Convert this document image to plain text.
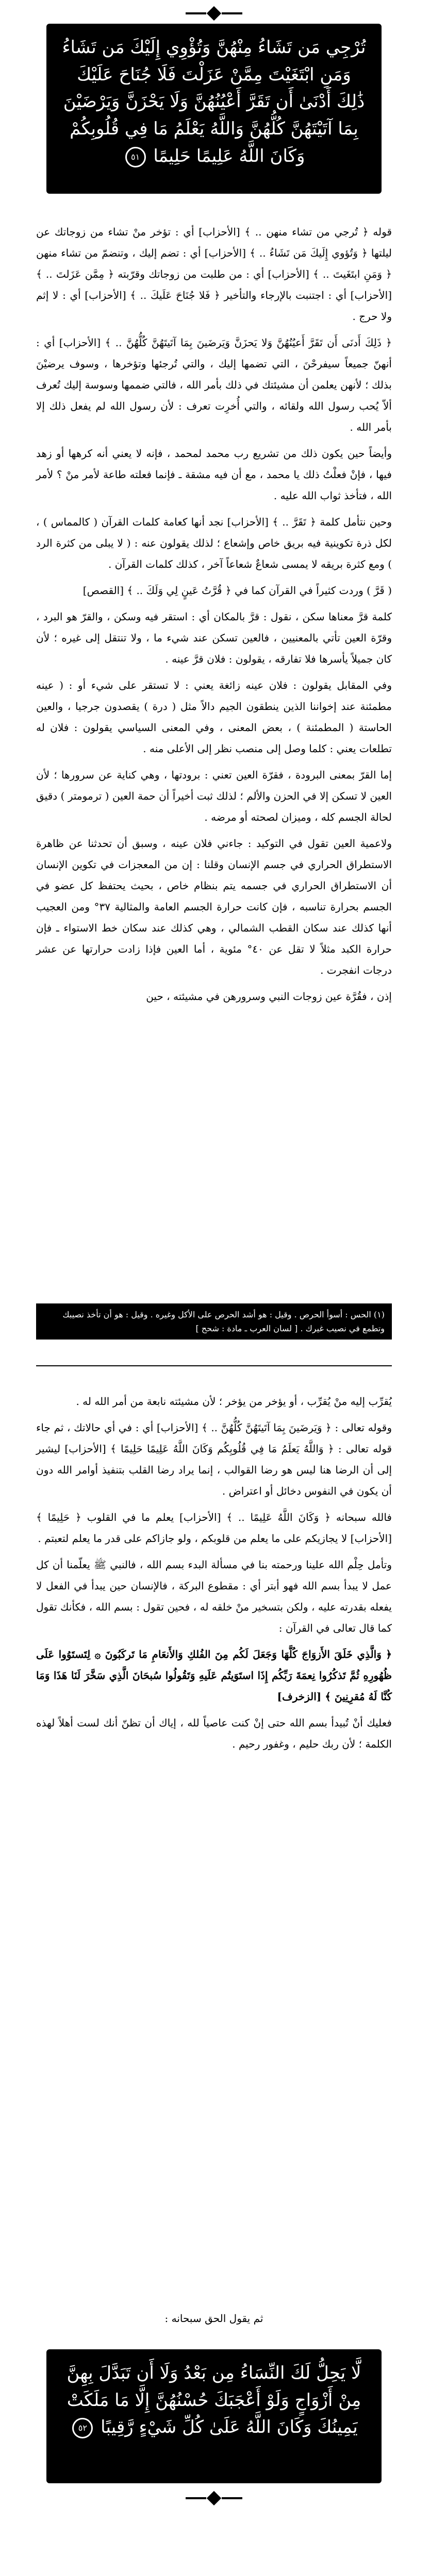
تُرْجِي مَن تَشَاءُ مِنْهُنَّ وَتُؤْوِي إِلَيْكَ مَن تَشَاءُ وَمَنِ ابْتَغَيْتَ مِمَّنْ عَزَلْتَ فَلَا جُنَاحَ عَلَيْكَ ذَٰلِكَ أَدْنَىٰ أَن تَقَرَّ أَعْيُنُهُنَّ وَلَا يَحْزَنَّ وَيَرْضَيْنَ بِمَا آتَيْتَهُنَّ كُلُّهُنَّ وَاللَّهُ يَعْلَمُ مَا فِي قُلُوبِكُمْ وَكَانَ اللَّهُ عَلِيمًا حَلِيمًا ٥١

قوله ﴿ تُرجي من تشاء منهن .. ﴾ [الأحزاب] أي : تؤخر منْ تشاء من زوجاتك عن ليلتها ﴿ وَتُؤوي إِلَيكَ مَن تَشَاءُ .. ﴾ [الأحزاب] أي : تضم إليك ، وتنضمّ من تشاء منهن ﴿ وَمَنِ ابتَغَيتَ .. ﴾ [الأحزاب] أي : من طلبت من زوجاتك وقرّبته ﴿ مِمَّن عَزَلتَ .. ﴾ [الأحزاب] أي : اجتنبت بالإرجاء والتأخير ﴿ فَلا جُنَاحَ عَلَيكَ .. ﴾ [الأحزاب] أي : لا إثم ولا حرج .

﴿ ذَلِكَ أَدنَى أَن تَقَرَّ أَعيُنُهُنَّ وَلا يَحزَنَّ وَيَرضَينَ بِمَا آتَيتَهُنَّ كُلُّهُنَّ .. ﴾ [الأحزاب] أي : أنهنّ جميعاً سيفرحْنَ ، التي تضمها إليك ، والتي تُرجئها وتؤخرها ، وسوف يرضيْنَ بذلك ؛ لأنهن يعلمن أن مشيئتك في ذلك بأمر الله ، فالتي ضممها وسوسة إليك تُعرف ألاّ يُحب رسول الله ولقائه ، والتي أُخرِت تعرف : لأن رسول الله لم يفعل ذلك إلا بأمر الله .

وأيضاً حين يكون ذلك من تشريع رب محمد لمحمد ، فإنه لا يعني أنه كرهها أو زهد فيها ، فإنْ فعلْتُ ذلك يا محمد ، مع أن فيه مشقة ـ فإنما فعلته طاعة لأمر منْ ؟ لأمر الله ، فتأخذ ثواب الله عليه .

وحين نتأمل كلمة ﴿ تَقَرَّ .. ﴾ [الأحزاب] نجد أنها كعامة كلمات القرآن ( كالمماس ) ، لكل ذرة تكوينية فيه بريق خاص وإشعاع ؛ لذلك يقولون عنه : ( لا يبلى من كثرة الرد ) ومع كثرة بريقه لا يمسى شعاعٌ شعاعاً آخر ، كذلك كلمات القرآن .

( قَرَّ ) وردت كثيراً في القرآن كما في ﴿ قُرَّتُ عَينٍ لِي وَلَكَ .. ﴾ [القصص]

كلمة قرَّ معناها سكن ، نقول : قرَّ بالمكان أي : استقر فيه وسكن ، والقرّ هو البرد ، وقرّة العين تأتي بالمعنيين ، فالعين تسكن عند شيء ما ، ولا تنتقل إلى غيره ؛ لأن كان جميلاً يأسرها فلا تفارقه ، يقولون : فلان قرَّ عينه .

وفي المقابل يقولون : فلان عينه زائغة يعني : لا تستقر على شيء أو : ( عينه مطمئنة عند إخواننا الذين ينطقون الجيم دالاً مثل ( درة ) يقصدون جرجيا ، والعين الحاستة ( المطمئنة ) ، بعض المعنى ، وفي المعنى السياسي يقولون : فلان له تطلعات يعني : كلما وصل إلى منصب نظر إلى الأعلى منه .

إما القرّ بمعنى البرودة ، فقرّة العين تعني : برودتها ، وهي كناية عن سرورها ؛ لأن العين لا تسكن إلا في الحزن والألم ؛ لذلك ثبت أخيراً أن حمة العين ( ترمومتر ) دقيق لحالة الجسم كله ، وميزان لصحته أو مرضه .

ولاعمية العين تقول في التوكيد : جاءني فلان عينه ، وسبق أن تحدثنا عن ظاهرة الاستطراق الحراري في جسم الإنسان وقلنا : إن من المعجزات في تكوين الإنسان أن الاستطراق الحراري في جسمه يتم بنظام خاص ، بحيث يحتفظ كل عضو في الجسم بحرارة تناسبه ، فإن كانت حرارة الجسم العامة والمثالية ٣٧° ومن العجيب أنها كذلك عند سكان القطب الشمالي ، وهي كذلك عند سكان خط الاستواء ـ فإن حرارة الكبد مثلاً لا تقل عن ٤٠° مئوية ، أما العين فإذا زادت حرارتها عن عشر درجات انفجرت .

إذن ، فقُرَّة عين زوجات النبي وسرورهن في مشيئته ، حين

(١) الحس : أسوأ الحرص . وقيل : هو أشد الحرص على الأكل وغيره . وقيل : هو أن تأخذ نصيبك وتطمع في نصيب غيرك . [ لسان العرب ـ مادة : شحح ]

يُقرِّب إليه منْ يُقرِّب ، أو يؤخر من يؤخر ؛ لأن مشيئته نابعة من أمر الله له .

وقوله تعالى : ﴿ وَيَرضَينَ بِمَا آتَيتَهُنَّ كُلُّهُنَّ .. ﴾ [الأحزاب] أي : في أي حالاتك ، ثم جاء قوله تعالى : ﴿ وَاللَّهُ يَعلَمُ مَا فِي قُلُوبِكُم وَكَانَ اللَّهُ عَلِيمًا حَلِيمًا ﴾ [الأحزاب] ليشير إلى أن الرضا هنا ليس هو رضا القوالب ، إنما يراد رضا القلب بتنفيذ أوامر الله دون أن يكون في النفوس دخائل أو اعتراض .

فالله سبحانه ﴿ وَكَانَ اللَّهُ عَلِيمًا .. ﴾ [الأحزاب] يعلم ما في القلوب ﴿ حَلِيمًا ﴾ [الأحزاب] لا يجازيكم على ما يعلم من قلوبكم ، ولو جازاكم على قدر ما يعلم لتعبتم .

وتأمل حِلْم الله علينا ورحمته بنا في مسألة البدء بسم الله ، فالنبي ﷺ يعلّمنا أن كل عمل لا يبدأ بسم الله فهو أبتر أي : مقطوع البركة ، فالإنسان حين يبدأ في الفعل لا يفعله بقدرته عليه ، ولكن بتسخير منْ خلقه له ، فحين تقول : بسم الله ، فكأنك تقول كما قال تعالى في القرآن :

﴿ وَالَّذِي خَلَقَ الأَزوَاجَ كُلَّهَا وَجَعَلَ لَكُم مِنَ الفُلكِ وَالأَنعَامِ مَا تَركَبُونَ ۞ لِتَستَوُوا عَلَى ظُهُورِهِ ثُمَّ تَذكُرُوا نِعمَةَ رَبِّكُم إِذَا استَوَيتُم عَلَيهِ وَتَقُولُوا سُبحَانَ الَّذِي سَخَّرَ لَنَا هَذَا وَمَا كُنَّا لَهُ مُقرِنِينَ ﴾ [الزخرف]

فعليك أنْ تُبيدأ بسم الله حتى إنْ كنت عاصياً لله ، إياك أن تظنّ أنك لست أهلاً لهذه الكلمة ؛ لأن ربك حليم ، وغفور رحيم .

ثم يقول الحق سبحانه :
لَّا يَحِلُّ لَكَ النِّسَاءُ مِن بَعْدُ وَلَا أَن تَبَدَّلَ بِهِنَّ مِنْ أَزْوَاجٍ وَلَوْ أَعْجَبَكَ حُسْنُهُنَّ إِلَّا مَا مَلَكَتْ يَمِينُكَ وَكَانَ اللَّهُ عَلَىٰ كُلِّ شَيْءٍ رَّقِيبًا ٥٢
